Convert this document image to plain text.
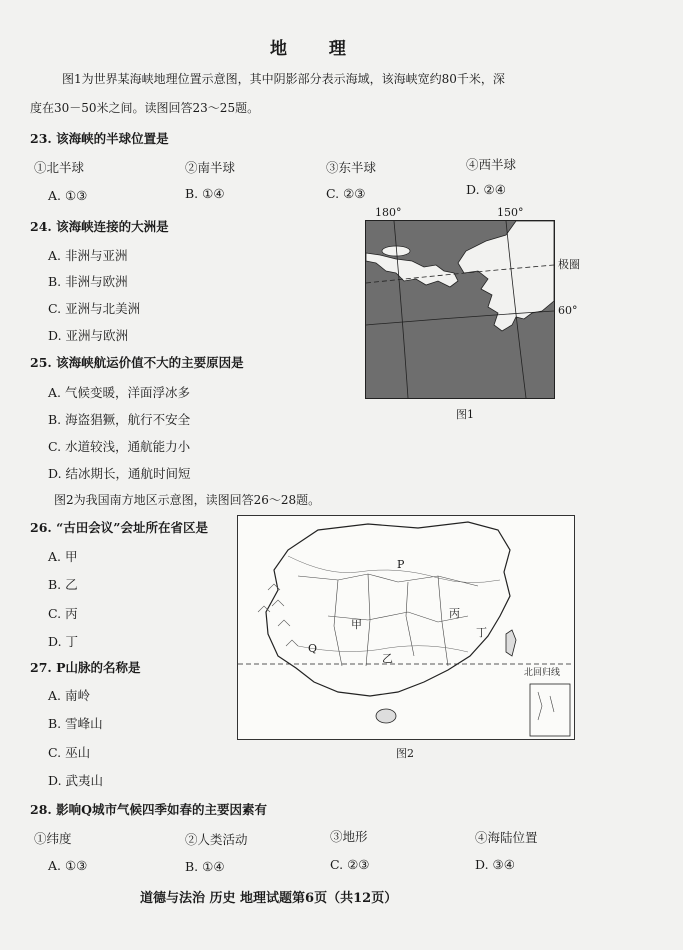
地 理
图1为世界某海峡地理位置示意图，其中阴影部分表示海域，该海峡宽约80千米，深
度在30－50米之间。读图回答23～25题。
23. 该海峡的半球位置是
①北半球	②南半球	③东半球	④西半球
A. ①③	B. ①④	C. ②③	D. ②④
24. 该海峡连接的大洲是
A. 非洲与亚洲
B. 非洲与欧洲
C. 亚洲与北美洲
D. 亚洲与欧洲
180°	150°
极圈
60°
图1
25. 该海峡航运价值不大的主要原因是
A. 气候变暖，洋面浮冰多
B. 海盗猖獗，航行不安全
C. 水道较浅，通航能力小
D. 结冰期长，通航时间短
图2为我国南方地区示意图，读图回答26～28题。
26. “古田会议”会址所在省区是
A. 甲
B. 乙
C. 丙
D. 丁
P
Q
甲
乙
丙
丁
北回归线
图2
27. P山脉的名称是
A. 南岭
B. 雪峰山
C. 巫山
D. 武夷山
28. 影响Q城市气候四季如春的主要因素有
①纬度	②人类活动	③地形	④海陆位置
A. ①③	B. ①④	C. ②③	D. ③④
道德与法治 历史 地理试题第6页（共12页）
